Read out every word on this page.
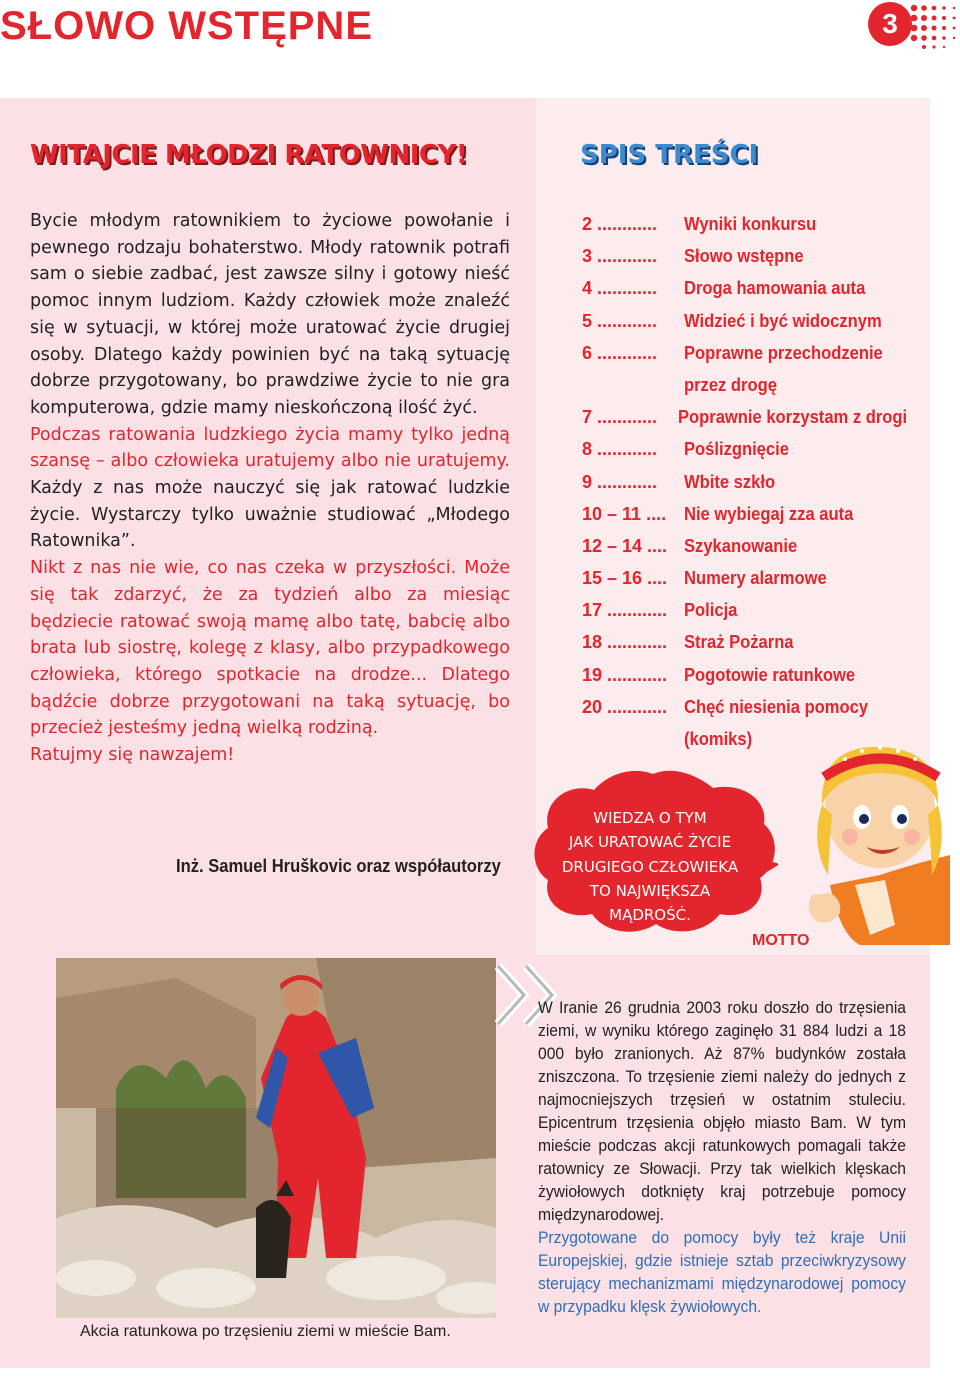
SŁOWO WSTĘPNE	3
WITAJCIE MŁODZI RATOWNICY!

Bycie młodym ratownikiem to życiowe powołanie i pewnego rodzaju bohaterstwo. Młody ratownik potrafi sam o siebie zadbać, jest zawsze silny i gotowy nieść pomoc innym ludziom. Każdy człowiek może znaleźć się w sytuacji, w której może uratować życie drugiej osoby. Dlatego każdy powinien być na taką sytuację dobrze przygotowany, bo prawdziwe życie to nie gra komputerowa, gdzie mamy nieskończoną ilość żyć.

Podczas ratowania ludzkiego życia mamy tylko jedną szansę – albo człowieka uratujemy albo nie uratujemy. Każdy z nas może nauczyć się jak ratować ludzkie życie. Wystarczy tylko uważnie studiować „Młodego Ratownika”.

Nikt z nas nie wie, co nas czeka w przyszłości. Może się tak zdarzyć, że za tydzień albo za miesiąc będziecie ratować swoją mamę albo tatę, babcię albo brata lub siostrę, kolegę z klasy, albo przypadkowego człowieka, którego spotkacie na drodze... Dlatego bądźcie dobrze przygotowani na taką sytuację, bo przecież jesteśmy jedną wielką rodziną.

Ratujmy się nawzajem!

Inż. Samuel Hruškovic oraz współautorzy
SPIS TREŚCI
2 ............	Wyniki konkursu
3 ............	Słowo wstępne
4 ............	Droga hamowania auta
5 ............	Widzieć i być widocznym
6 ............	Poprawne przechodzenie
przez drogę
7 ............	Poprawnie korzystam z drogi
8 ............	Poślizgnięcie
9 ............	Wbite szkło
10 – 11 .... Nie wybiegaj zza auta
12 – 14 .... Szykanowanie
15 – 16 .... Numery alarmowe
17 ............ Policja
18 ............ Straż Pożarna
19 ............ Pogotowie ratunkowe
20 ............ Chęć niesienia pomocy
(komiks)
WIEDZA O TYM
JAK URATOWAĆ ŻYCIE
DRUGIEGO CZŁOWIEKA
TO NAJWIĘKSZA
MĄDROŚĆ.
MOTTO
Akcia ratunkowa po trzęsieniu ziemi w mieście Bam.

W Iranie 26 grudnia 2003 roku doszło do trzęsienia ziemi, w wyniku którego zaginęło 31 884 ludzi a 18 000 było zranionych. Aż 87% budynków została zniszczona. To trzęsienie ziemi należy do jednych z najmocniejszych trzęsień w ostatnim stuleciu. Epicentrum trzęsienia objęło miasto Bam. W tym mieście podczas akcji ratunkowych pomagali także ratownicy ze Słowacji. Przy tak wielkich klęskach żywiołowych dotknięty kraj potrzebuje pomocy międzynarodowej.

Przygotowane do pomocy były też kraje Unii Europejskiej, gdzie istnieje sztab przeciwkryzysowy sterujący mechanizmami międzynarodowej pomocy w przypadku klęsk żywiołowych.
